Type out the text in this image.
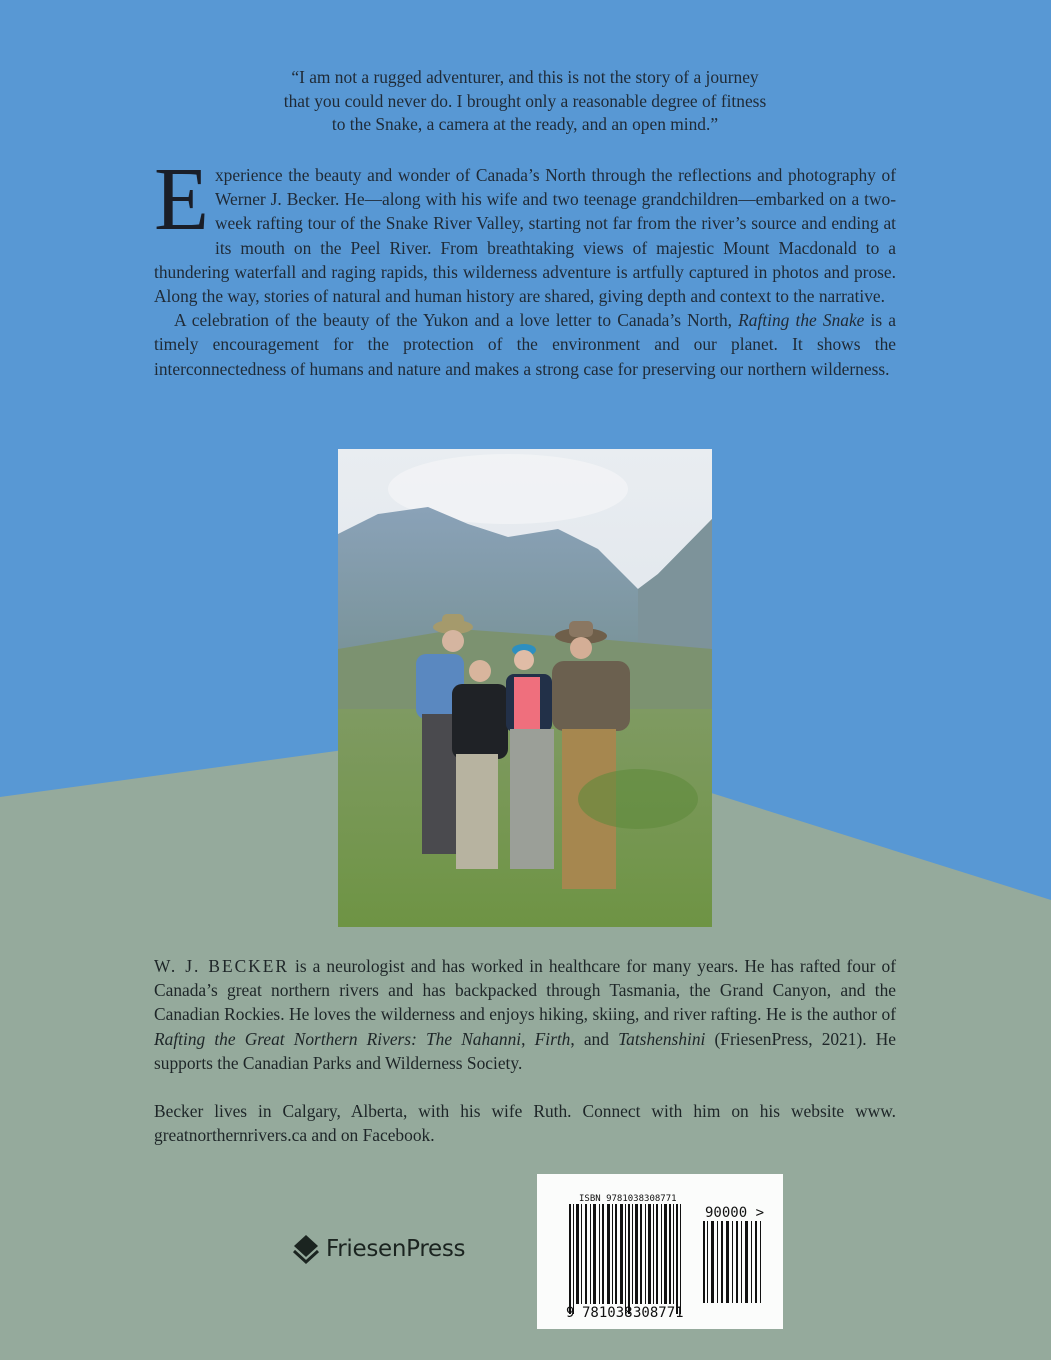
“I am not a rugged adventurer, and this is not the story of a journey
that you could never do. I brought only a reasonable degree of fitness
to the Snake, a camera at the ready, and an open mind.”

Experience the beauty and wonder of Canada’s North through the reflections and photography of Werner J. Becker. He—along with his wife and two teenage grandchildren—embarked on a two-week rafting tour of the Snake River Valley, starting not far from the river’s source and ending at its mouth on the Peel River. From breathtaking views of majestic Mount Macdonald to a thundering waterfall and raging rapids, this wilderness adventure is artfully captured in photos and prose. Along the way, stories of natural and human history are shared, giving depth and context to the narrative.

A celebration of the beauty of the Yukon and a love letter to Canada’s North, Rafting the Snake is a timely encouragement for the protection of the environment and our planet. It shows the interconnectedness of humans and nature and makes a strong case for preserving our northern wilderness.

W. J. BECKER is a neurologist and has worked in healthcare for many years. He has rafted four of Canada’s great northern rivers and has backpacked through Tasmania, the Grand Canyon, and the Canadian Rockies. He loves the wilderness and enjoys hiking, skiing, and river rafting. He is the author of Rafting the Great Northern Rivers: The Nahanni, Firth, and Tatshenshini (FriesenPress, 2021). He supports the Canadian Parks and Wilderness Society.

Becker lives in Calgary, Alberta, with his wife Ruth. Connect with him on his website www. greatnorthernrivers.ca and on Facebook.

FriesenPress
ISBN 9781038308771
90000 >
9 781038 308771
